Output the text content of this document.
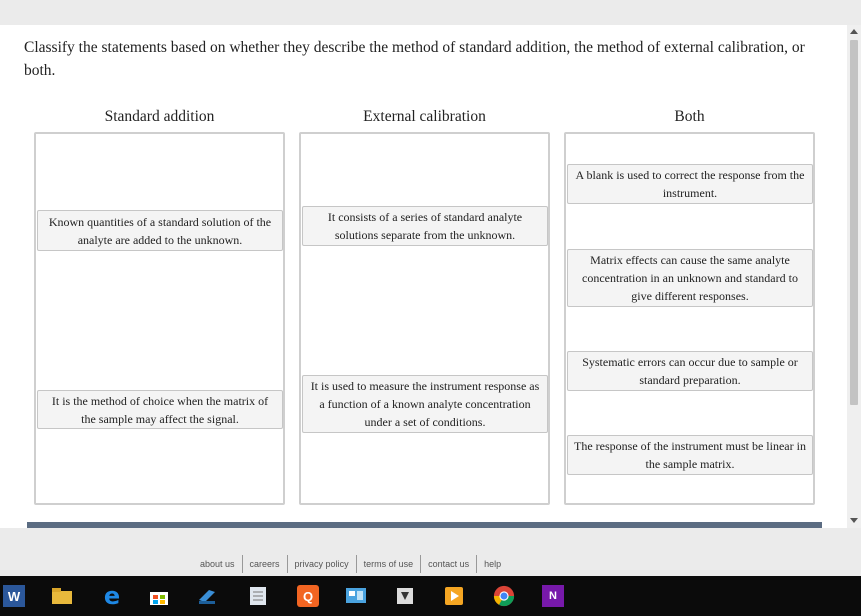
Classify the statements based on whether they describe the method of standard addition, the method of external calibration, or both.
Standard addition	External calibration	Both
Known quantities of a standard solution of the analyte are added to the unknown.
It is the method of choice when the matrix of the sample may affect the signal.
It consists of a series of standard analyte solutions separate from the unknown.
It is used to measure the instrument response as a function of a known analyte concentration under a set of conditions.
A blank is used to correct the response from the instrument.
Matrix effects can cause the same analyte concentration in an unknown and standard to give different responses.
Systematic errors can occur due to sample or standard preparation.
The response of the instrument must be linear in the sample matrix.
about us	careers	privacy policy	terms of use	contact us	help
W	e	Q	N
